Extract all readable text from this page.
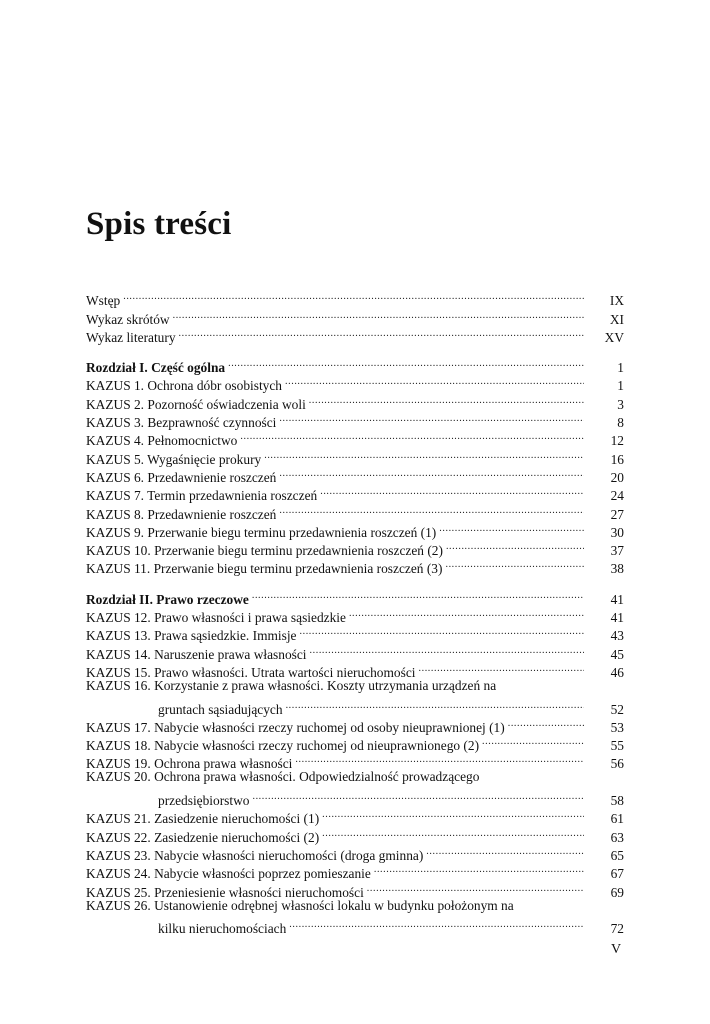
Spis treści
Wstęp .....	IX
Wykaz skrótów .....	XI
Wykaz literatury .....	XV
Rozdział I. Część ogólna .....	1
KAZUS 1. Ochrona dóbr osobistych .....	1
KAZUS 2. Pozorność oświadczenia woli .....	3
KAZUS 3. Bezprawność czynności .....	8
KAZUS 4. Pełnomocnictwo .....	12
KAZUS 5. Wygaśnięcie prokury .....	16
KAZUS 6. Przedawnienie roszczeń .....	20
KAZUS 7. Termin przedawnienia roszczeń .....	24
KAZUS 8. Przedawnienie roszczeń .....	27
KAZUS 9. Przerwanie biegu terminu przedawnienia roszczeń (1) .....	30
KAZUS 10. Przerwanie biegu terminu przedawnienia roszczeń (2) .....	37
KAZUS 11. Przerwanie biegu terminu przedawnienia roszczeń (3) .....	38
Rozdział II. Prawo rzeczowe .....	41
KAZUS 12. Prawo własności i prawa sąsiedzkie .....	41
KAZUS 13. Prawa sąsiedzkie. Immisje .....	43
KAZUS 14. Naruszenie prawa własności .....	45
KAZUS 15. Prawo własności. Utrata wartości nieruchomości .....	46
KAZUS 16. Korzystanie z prawa własności. Koszty utrzymania urządzeń na
gruntach sąsiadujących .....	52
KAZUS 17. Nabycie własności rzeczy ruchomej od osoby nieuprawnionej (1) .....	53
KAZUS 18. Nabycie własności rzeczy ruchomej od nieuprawnionego (2) .....	55
KAZUS 19. Ochrona prawa własności .....	56
KAZUS 20. Ochrona prawa własności. Odpowiedzialność prowadzącego
przedsiębiorstwo .....	58
KAZUS 21. Zasiedzenie nieruchomości (1) .....	61
KAZUS 22. Zasiedzenie nieruchomości (2) .....	63
KAZUS 23. Nabycie własności nieruchomości (droga gminna) .....	65
KAZUS 24. Nabycie własności poprzez pomieszanie .....	67
KAZUS 25. Przeniesienie własności nieruchomości .....	69
KAZUS 26. Ustanowienie odrębnej własności lokalu w budynku położonym na
kilku nieruchomościach .....	72
V
